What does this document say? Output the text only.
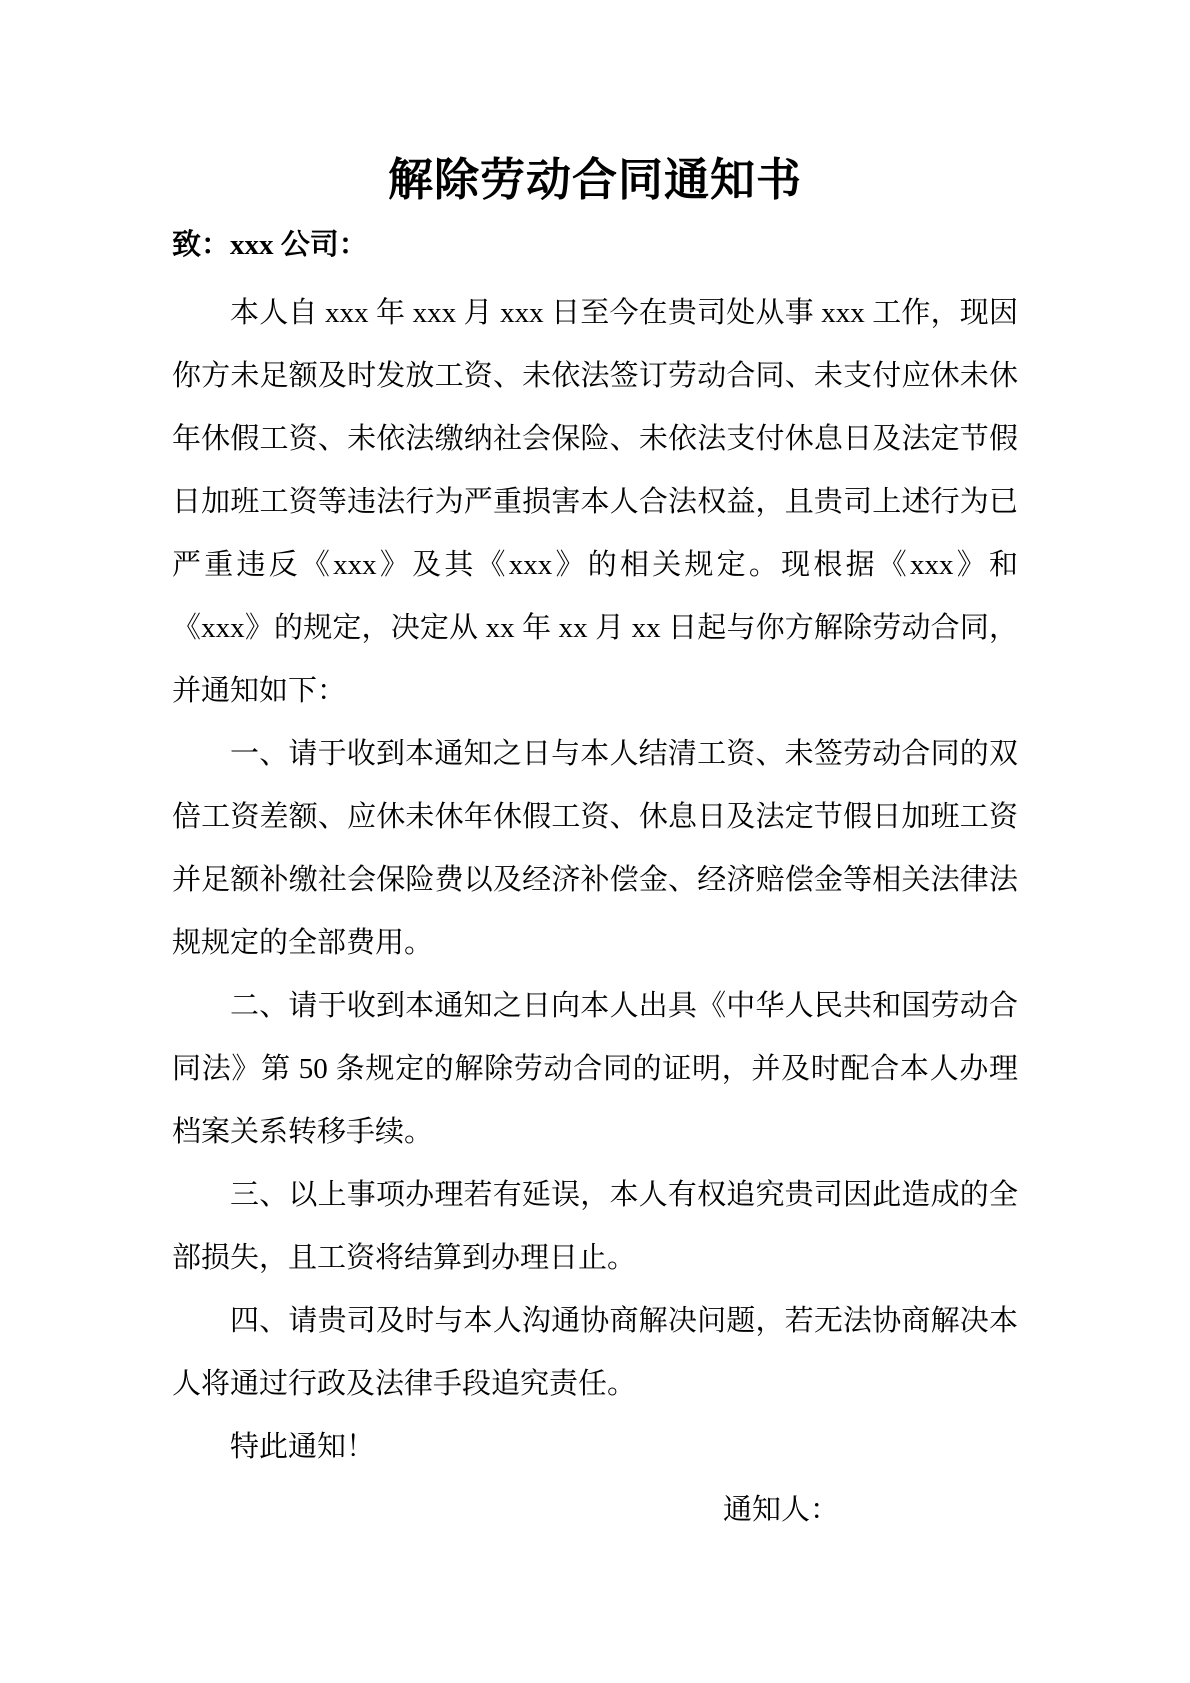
解除劳动合同通知书

致：xxx 公司：

本人自 xxx 年 xxx 月 xxx 日至今在贵司处从事 xxx 工作，现因你方未足额及时发放工资、未依法签订劳动合同、未支付应休未休年休假工资、未依法缴纳社会保险、未依法支付休息日及法定节假日加班工资等违法行为严重损害本人合法权益，且贵司上述行为已严重违反《xxx》及其《xxx》的相关规定。现根据《xxx》和《xxx》的规定，决定从 xx 年 xx 月 xx 日起与你方解除劳动合同，并通知如下：

一、请于收到本通知之日与本人结清工资、未签劳动合同的双倍工资差额、应休未休年休假工资、休息日及法定节假日加班工资并足额补缴社会保险费以及经济补偿金、经济赔偿金等相关法律法规规定的全部费用。

二、请于收到本通知之日向本人出具《中华人民共和国劳动合同法》第 50 条规定的解除劳动合同的证明，并及时配合本人办理档案关系转移手续。

三、以上事项办理若有延误，本人有权追究贵司因此造成的全部损失，且工资将结算到办理日止。

四、请贵司及时与本人沟通协商解决问题，若无法协商解决本人将通过行政及法律手段追究责任。

特此通知！

通知人：
